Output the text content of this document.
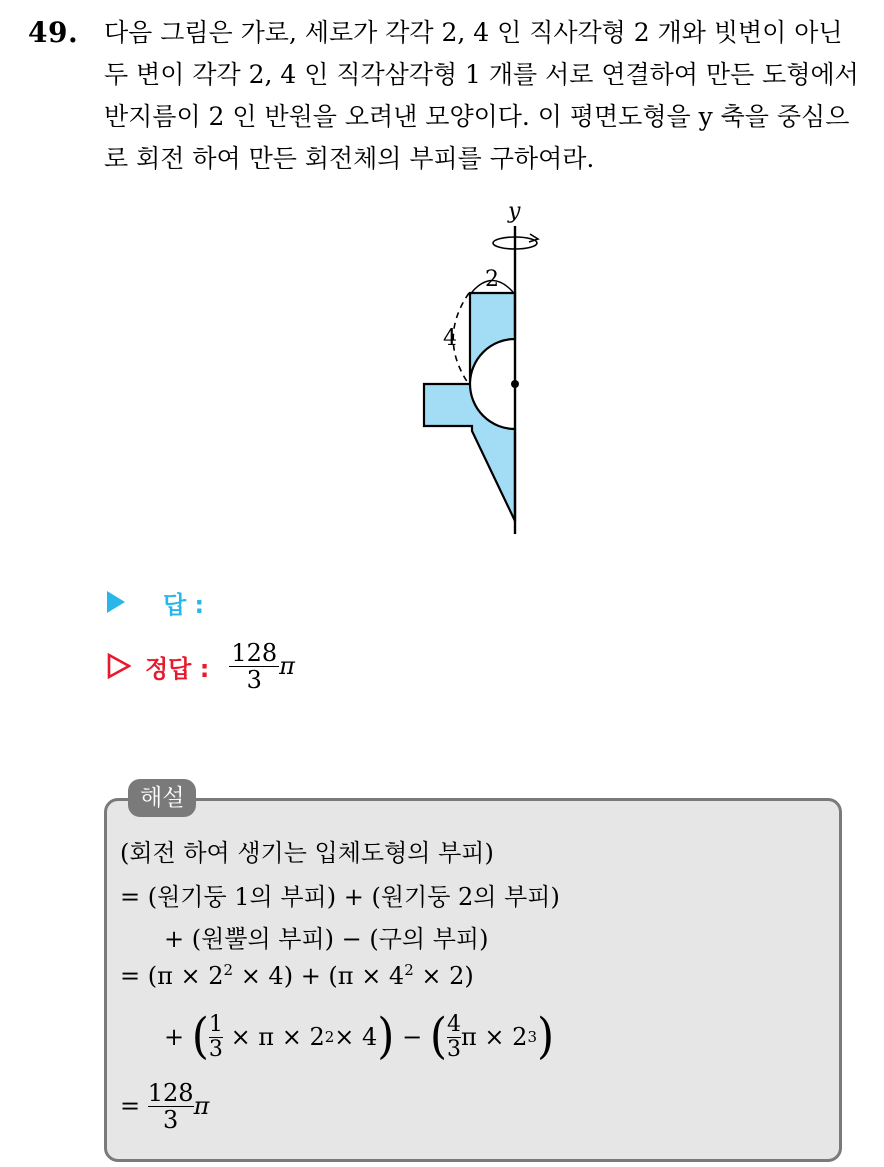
49. 다음 그림은 가로, 세로가 각각 2, 4 인 직사각형 2 개와 빗변이 아닌
두 변이 각각 2, 4 인 직각삼각형 1 개를 서로 연결하여 만든 도형에서
반지름이 2 인 반원을 오려낸 모양이다. 이 평면도형을 y 축을 중심으
로 회전 하여 만든 회전체의 부피를 구하여라.
y
2
4
답 :
정답 : $\frac{128}{3}$ π
해설
(회전 하여 생기는 입체도형의 부피)
= (원기둥 1의 부피) + (원기둥 2의 부피)
+ (원뿔의 부피) − (구의 부피)
= $(\pi \times 2^2 \times 4) + (\pi \times 4^2 \times 2)$
+
( 1
3
× π × 2 2 × 4 )
−
( 4
3 π × 2 3 )
=
128
3 π
